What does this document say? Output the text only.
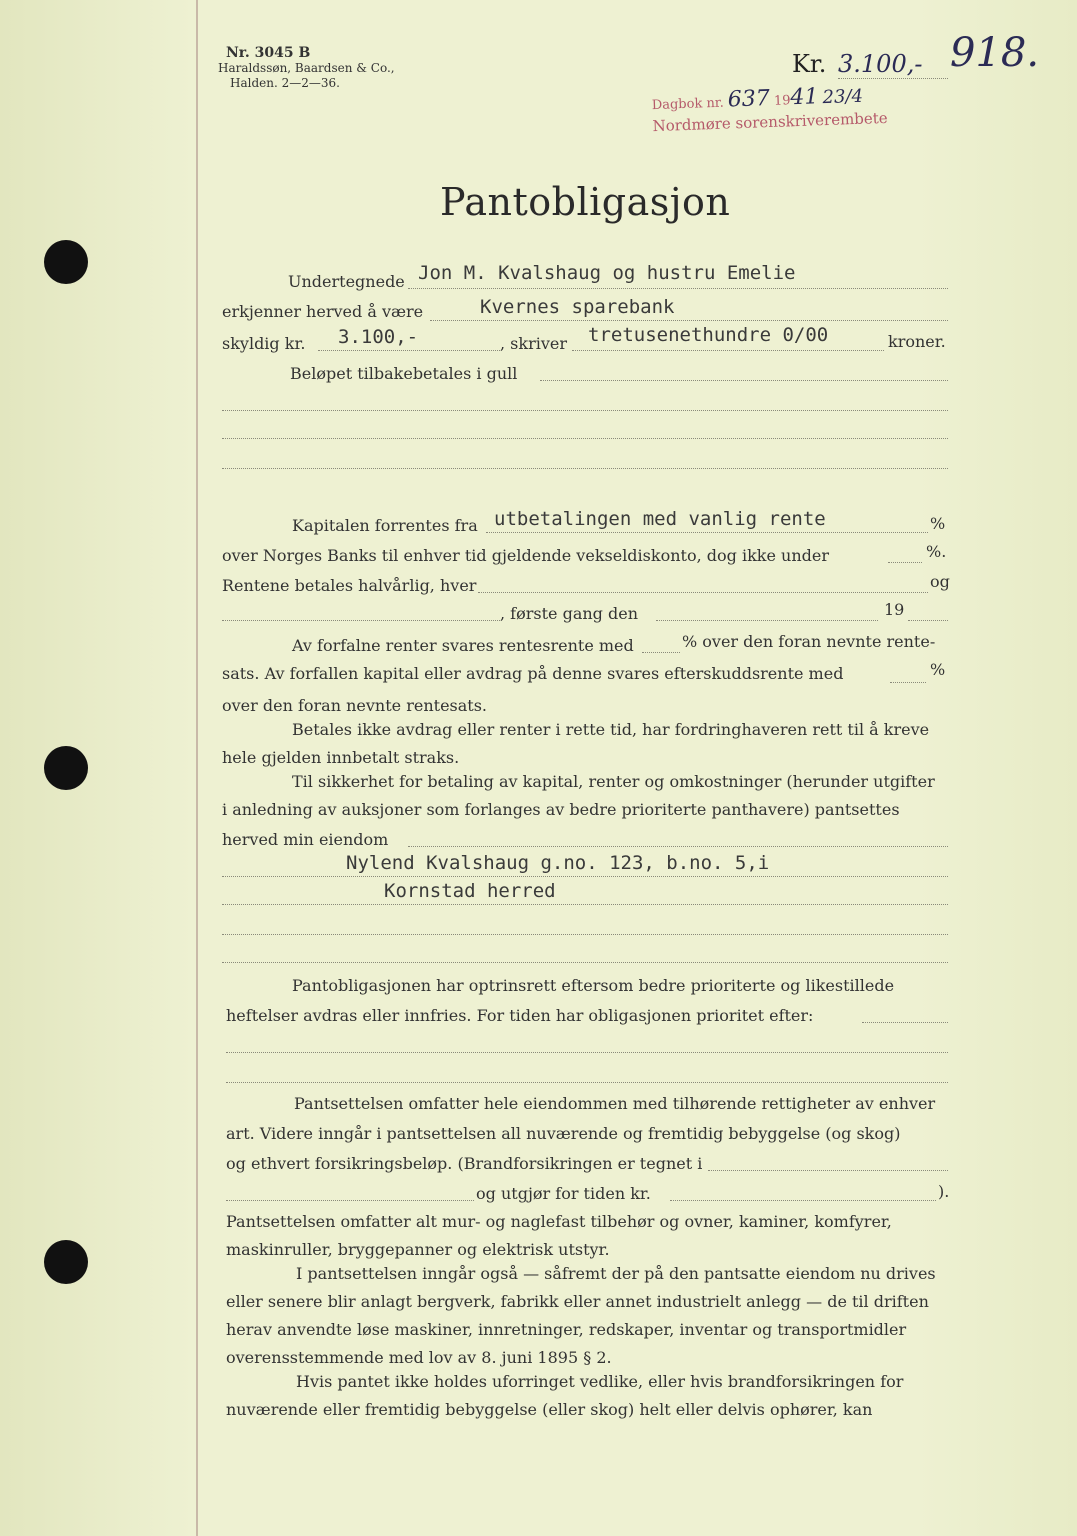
Nr. 3045 B
Haraldssøn, Baardsen & Co.,
Halden. 2—2—36.
Kr. 3.100,- 918.
Dagbok nr. 637 1941 23/4
Nordmøre sorenskriverembete
Pantobligasjon
Undertegnede Jon M. Kvalshaug og hustru Emelie
erkjenner herved å være	Kvernes sparebank
skyldig kr. 3.100,-	, skriver tretusenethundre 0/00	kroner.
Beløpet tilbakebetales i gull
Kapitalen forrentes fra utbetalingen med vanlig rente	%
over Norges Banks til enhver tid gjeldende vekseldiskonto, dog ikke under	%.
Rentene betales halvårlig, hver	og
, første gang den	19
Av forfalne renter svares rentesrente med	% over den foran nevnte rente-
sats. Av forfallen kapital eller avdrag på denne svares efterskuddsrente med	%
over den foran nevnte rentesats.
Betales ikke avdrag eller renter i rette tid, har fordringhaveren rett til å kreve
hele gjelden innbetalt straks.
Til sikkerhet for betaling av kapital, renter og omkostninger (herunder utgifter
i anledning av auksjoner som forlanges av bedre prioriterte panthavere) pantsettes
herved min eiendom
Nylend Kvalshaug g.no. 123, b.no. 5,i
Kornstad herred
Pantobligasjonen har optrinsrett eftersom bedre prioriterte og likestillede
heftelser avdras eller innfries. For tiden har obligasjonen prioritet efter:
Pantsettelsen omfatter hele eiendommen med tilhørende rettigheter av enhver
art. Videre inngår i pantsettelsen all nuværende og fremtidig bebyggelse (og skog)
og ethvert forsikringsbeløp. (Brandforsikringen er tegnet i
og utgjør for tiden kr.	).
Pantsettelsen omfatter alt mur- og naglefast tilbehør og ovner, kaminer, komfyrer,
maskinruller, bryggepanner og elektrisk utstyr.
I pantsettelsen inngår også — såfremt der på den pantsatte eiendom nu drives
eller senere blir anlagt bergverk, fabrikk eller annet industrielt anlegg — de til driften
herav anvendte løse maskiner, innretninger, redskaper, inventar og transportmidler
overensstemmende med lov av 8. juni 1895 § 2.
Hvis pantet ikke holdes uforringet vedlike, eller hvis brandforsikringen for
nuværende eller fremtidig bebyggelse (eller skog) helt eller delvis ophører, kan
